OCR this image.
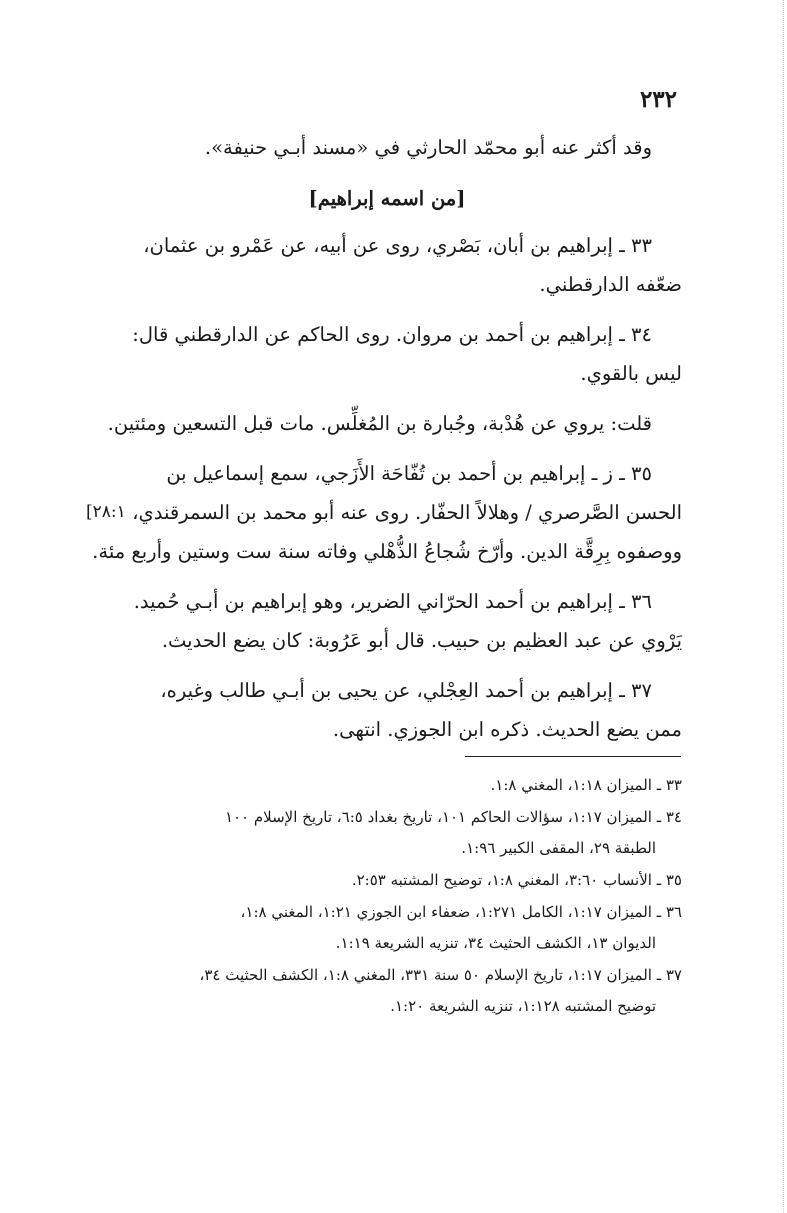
٢٣٢

وقد أكثر عنه أبو محمّد الحارثي في «مسند أبـي حنيفة».

[من اسمه إبراهيم]

٣٣ ـ إبراهيم بن أبان، بَصْري، روى عن أبيه، عن عَمْرو بن عثمان،
ضعّفه الدارقطني.
٣٤ ـ إبراهيم بن أحمد بن مروان. روى الحاكم عن الدارقطني قال:
ليس بالقوي.
قلت: يروي عن هُدْبة، وجُبارة بن المُغلِّس. مات قبل التسعين ومئتين.
٣٥ ـ ز ـ إبراهيم بن أحمد بن تُفّاحَة الأَزَجي، سمع إسماعيل بن
الحسن الصَّرصري / وهلالاً الحفّار. روى عنه أبو محمد بن السمرقندي،
[٢٨:١
ووصفوه بِرِقَّة الدين. وأرّخ شُجاعُ الذُّهْلي وفاته سنة ست وستين وأربع مئة.
٣٦ ـ إبراهيم بن أحمد الحرّاني الضرير، وهو إبراهيم بن أبـي حُميد.
يَرْوي عن عبد العظيم بن حبيب. قال أبو عَرُوبة: كان يضع الحديث.
٣٧ ـ إبراهيم بن أحمد العِجْلي، عن يحيى بن أبـي طالب وغيره،
ممن يضع الحديث. ذكره ابن الجوزي. انتهى.
٣٣ ـ الميزان ١:١٨، المغني ١:٨.
٣٤ ـ الميزان ١:١٧، سؤالات الحاكم ١٠١، تاريخ بغداد ٦:٥، تاريخ الإسلام ١٠٠
الطبقة ٢٩، المقفى الكبير ١:٩٦.
٣٥ ـ الأنساب ٣:٦٠، المغني ١:٨، توضيح المشتبه ٢:٥٣.
٣٦ ـ الميزان ١:١٧، الكامل ١:٢٧١، ضعفاء ابن الجوزي ١:٢١، المغني ١:٨،
الديوان ١٣، الكشف الحثيث ٣٤، تنزيه الشريعة ١:١٩.
٣٧ ـ الميزان ١:١٧، تاريخ الإسلام ٥٠ سنة ٣٣١، المغني ١:٨، الكشف الحثيث ٣٤،
توضيح المشتبه ١:١٢٨، تنزيه الشريعة ١:٢٠.
